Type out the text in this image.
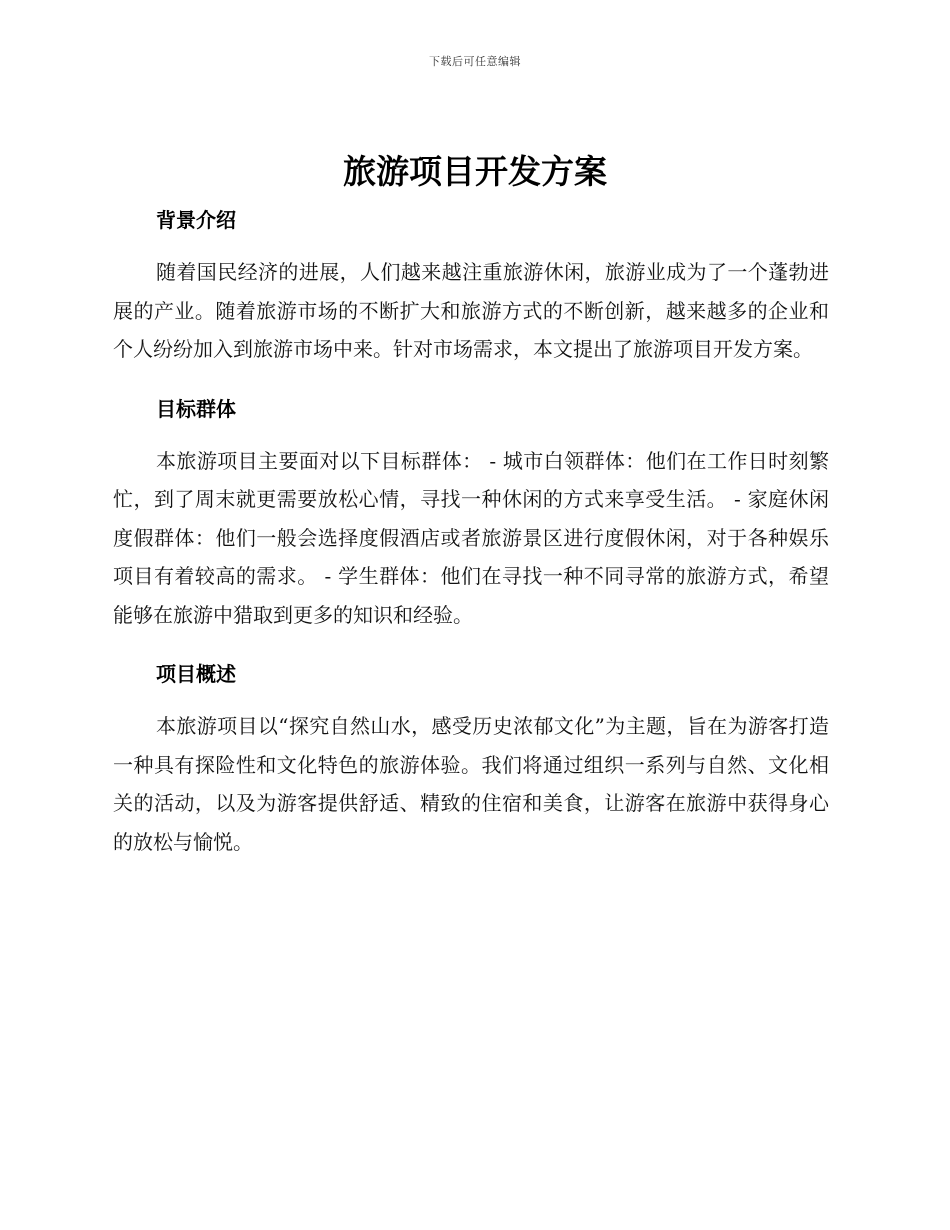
下载后可任意编辑
旅游项目开发方案
背景介绍

随着国民经济的进展，人们越来越注重旅游休闲，旅游业成为了一个蓬勃进展的产业。随着旅游市场的不断扩大和旅游方式的不断创新，越来越多的企业和个人纷纷加入到旅游市场中来。针对市场需求，本文提出了旅游项目开发方案。

目标群体

本旅游项目主要面对以下目标群体： - 城市白领群体：他们在工作日时刻繁忙，到了周末就更需要放松心情，寻找一种休闲的方式来享受生活。 - 家庭休闲度假群体：他们一般会选择度假酒店或者旅游景区进行度假休闲，对于各种娱乐项目有着较高的需求。 - 学生群体：他们在寻找一种不同寻常的旅游方式，希望能够在旅游中猎取到更多的知识和经验。

项目概述

本旅游项目以“探究自然山水，感受历史浓郁文化”为主题，旨在为游客打造一种具有探险性和文化特色的旅游体验。我们将通过组织一系列与自然、文化相关的活动，以及为游客提供舒适、精致的住宿和美食，让游客在旅游中获得身心的放松与愉悦。
